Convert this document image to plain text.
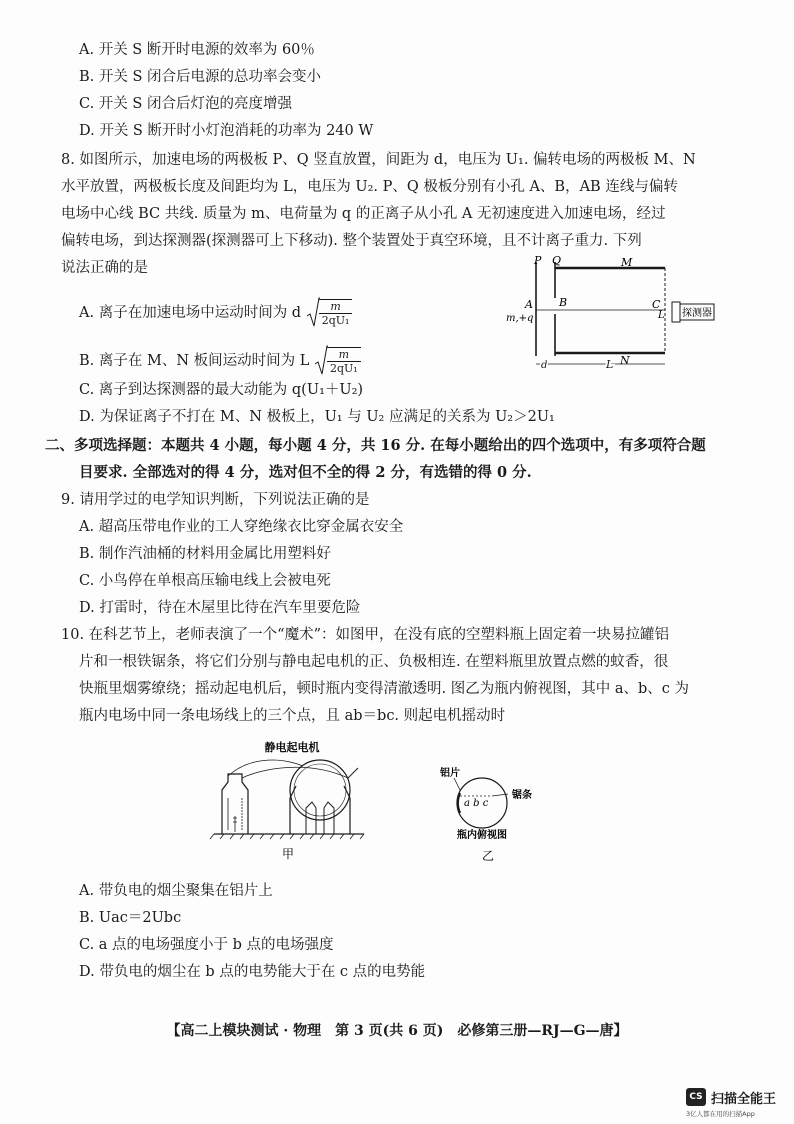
A. 开关 S 断开时电源的效率为 60％
B. 开关 S 闭合后电源的总功率会变小
C. 开关 S 闭合后灯泡的亮度增强
D. 开关 S 断开时小灯泡消耗的功率为 240 W
8. 如图所示，加速电场的两极板 P、Q 竖直放置，间距为 d，电压为 U₁. 偏转电场的两极板 M、N
水平放置，两极板长度及间距均为 L，电压为 U₂. P、Q 极板分别有小孔 A、B，AB 连线与偏转
电场中心线 BC 共线. 质量为 m、电荷量为 q 的正离子从小孔 A 无初速度进入加速电场，经过
偏转电场，到达探测器(探测器可上下移动). 整个装置处于真空环境，且不计离子重力. 下列
说法正确的是
A. 离子在加速电场中运动时间为 d $\frac{m}{\text{2qU₁}}$
B. 离子在 M、N 板间运动时间为 L $\frac{m}{\text{2qU₁}}$
C. 离子到达探测器的最大动能为 q(U₁＋U₂)
D. 为保证离子不打在 M、N 极板上，U₁ 与 U₂ 应满足的关系为 U₂＞2U₁
探测器
P Q	M
N
A B	C
L
m,+q
d	L
二、多项选择题：本题共 4 小题，每小题 4 分，共 16 分. 在每小题给出的四个选项中，有多项符合题
目要求. 全部选对的得 4 分，选对但不全的得 2 分，有选错的得 0 分.
9. 请用学过的电学知识判断，下列说法正确的是
A. 超高压带电作业的工人穿绝缘衣比穿金属衣安全
B. 制作汽油桶的材料用金属比用塑料好
C. 小鸟停在单根高压输电线上会被电死
D. 打雷时，待在木屋里比待在汽车里要危险
10. 在科艺节上，老师表演了一个“魔术”：如图甲，在没有底的空塑料瓶上固定着一块易拉罐铝
片和一根铁锯条，将它们分别与静电起电机的正、负极相连. 在塑料瓶里放置点燃的蚊香，很
快瓶里烟雾缭绕；摇动起电机后，顿时瓶内变得清澈透明. 图乙为瓶内俯视图，其中 a、b、c 为
瓶内电场中同一条电场线上的三个点，且 ab＝bc. 则起电机摇动时
静电起电机
甲
铝片
锯条
a b c
瓶内俯视图
乙
A. 带负电的烟尘聚集在铝片上
B. Uac＝2Ubc
C. a 点的电场强度小于 b 点的电场强度
D. 带负电的烟尘在 b 点的电势能大于在 c 点的电势能
【高二上模块测试 · 物理　第 3 页(共 6 页)　必修第三册—RJ—G—唐】
CS 扫描全能王
3亿人都在用的扫描App
